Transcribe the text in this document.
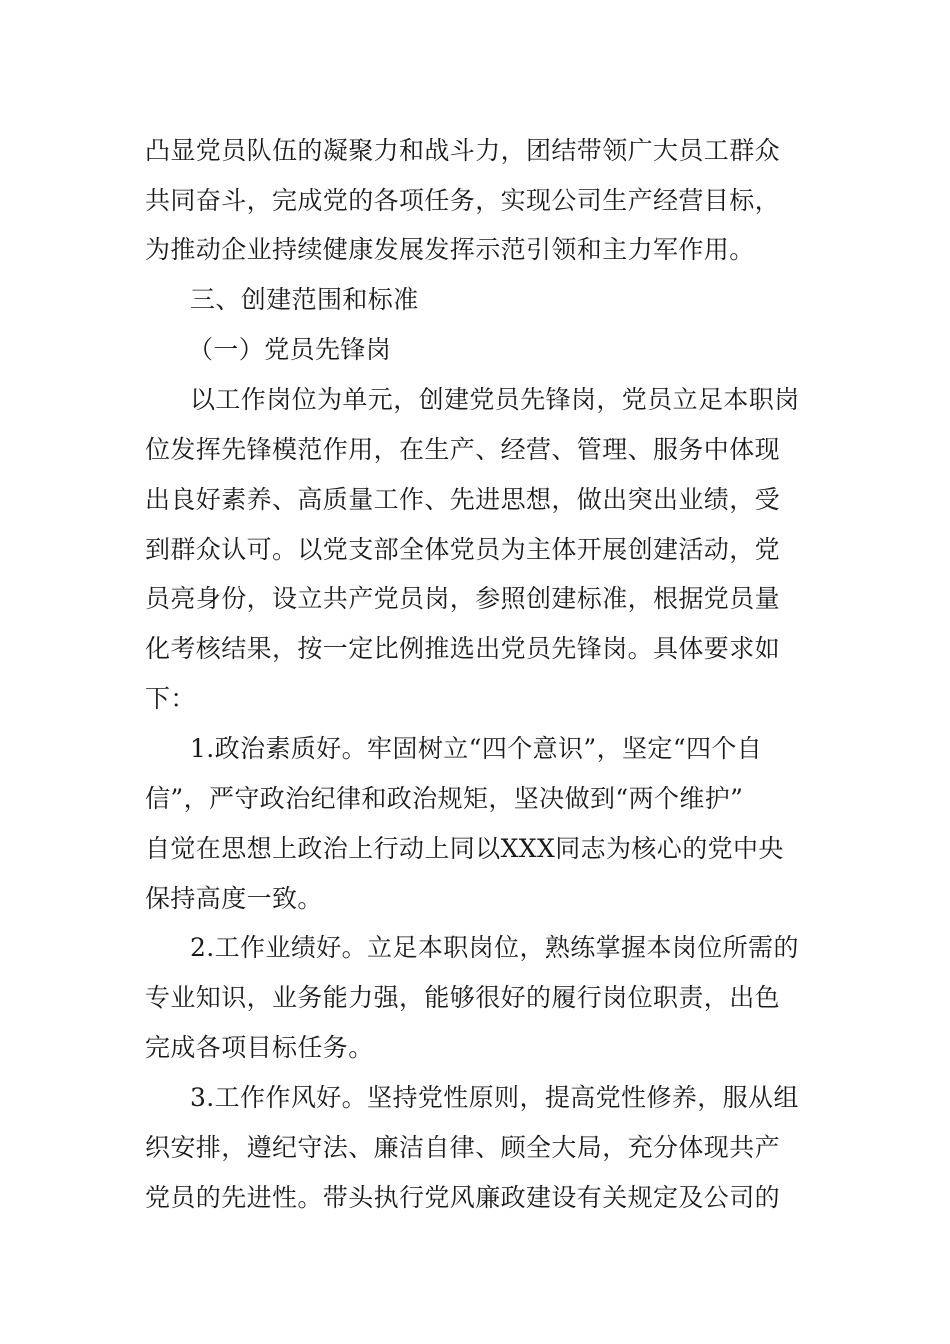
凸显党员队伍的凝聚力和战斗力，团结带领广大员工群众
共同奋斗，完成党的各项任务，实现公司生产经营目标，
为推动企业持续健康发展发挥示范引领和主力军作用。
三、创建范围和标准
（一）党员先锋岗
以工作岗位为单元，创建党员先锋岗，党员立足本职岗
位发挥先锋模范作用，在生产、经营、管理、服务中体现
出良好素养、高质量工作、先进思想，做出突出业绩，受
到群众认可。以党支部全体党员为主体开展创建活动，党
员亮身份，设立共产党员岗，参照创建标准，根据党员量
化考核结果，按一定比例推选出党员先锋岗。具体要求如
下：
1.政治素质好。牢固树立“四个意识”，坚定“四个自
信”，严守政治纪律和政治规矩，坚决做到“两个维护”
自觉在思想上政治上行动上同以XXX同志为核心的党中央
保持高度一致。
2.工作业绩好。立足本职岗位，熟练掌握本岗位所需的
专业知识，业务能力强，能够很好的履行岗位职责，出色
完成各项目标任务。
3.工作作风好。坚持党性原则，提高党性修养，服从组
织安排，遵纪守法、廉洁自律、顾全大局，充分体现共产
党员的先进性。带头执行党风廉政建设有关规定及公司的
